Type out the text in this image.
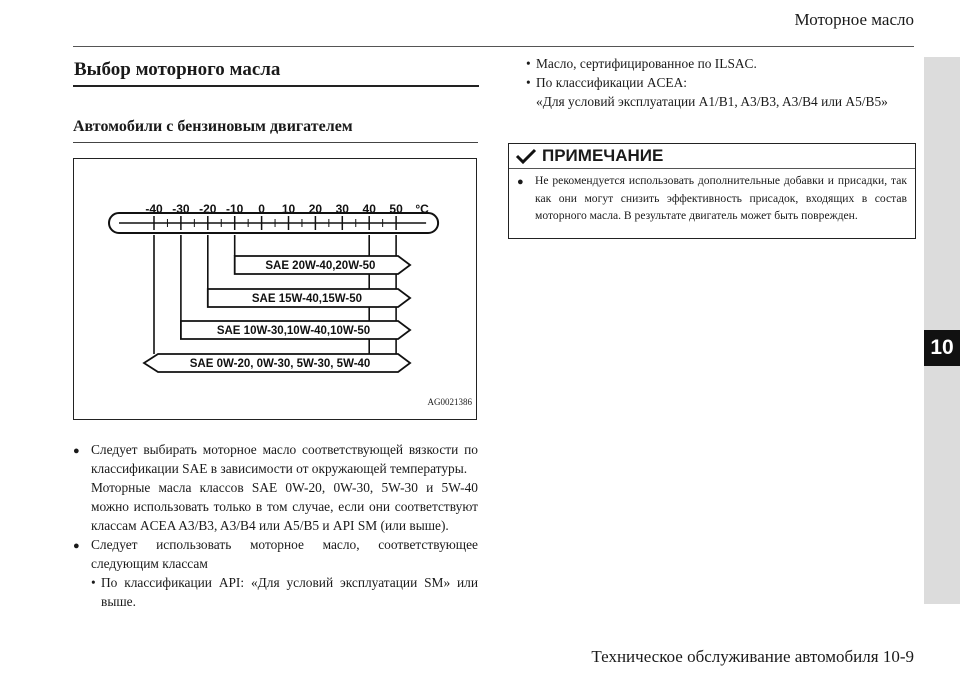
Моторное масло
10
Выбор моторного масла
Автомобили с бензиновым двигателем
-40 -30 -20 -10 0 10 20 30 40 50 °C
SAE 20W-40,20W-50
SAE 15W-40,15W-50
SAE 10W-30,10W-40,10W-50
SAE 0W-20, 0W-30, 5W-30, 5W-40
AG0021386
● Следует выбирать моторное масло соответствующей вязкости по классификации SAE в зависимости от окружающей температуры.
Моторные масла классов SAE 0W-20, 0W-30, 5W-30 и 5W-40 можно использовать только в том случае, если они соответствуют классам ACEA A3/B3, A3/B4 или A5/B5 и API SM (или выше).
● Следует использовать моторное масло, соответствующее следующим классам
• По классификации API: «Для условий эксплуатации SM» или выше.
• Масло, сертифицированное по ILSAC.
• По классификации ACEA:
«Для условий эксплуатации A1/B1, A3/B3, A3/B4 или A5/B5»
ПРИМЕЧАНИЕ
● Не рекомендуется использовать дополнительные добавки и присадки, так как они могут снизить эффективность присадок, входящих в состав моторного масла. В результате двигатель может быть поврежден.
Техническое обслуживание автомобиля 10-9
